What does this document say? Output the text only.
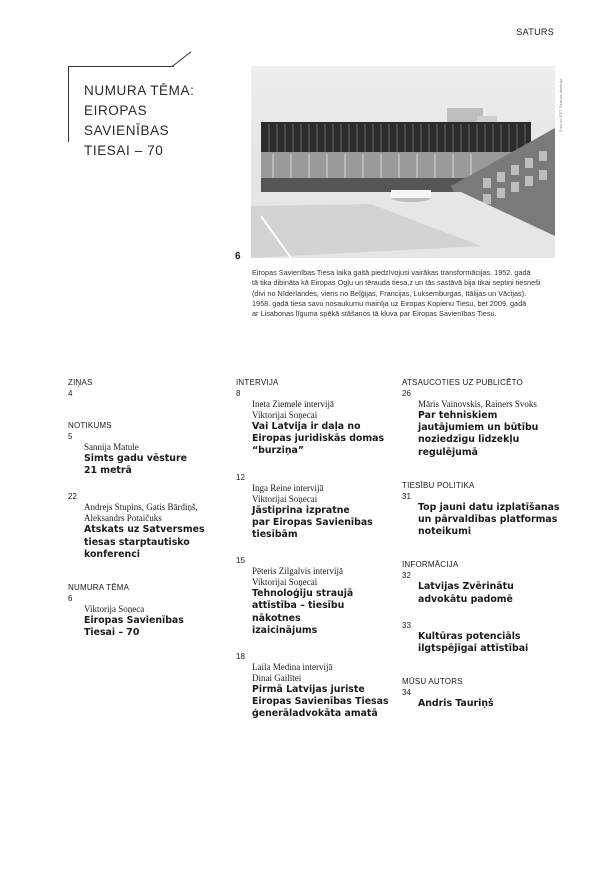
SATURS
NUMURA TĒMA:
EIROPAS SAVIENĪBAS
TIESAI – 70
Foto no EST Saziņas direkcija
6
Eiropas Savienības Tiesa laika gaitā piedzīvojusi vairākas transformācijas. 1952. gadā
tā tika dibināta kā Eiropas Ogļu un tērauda tiesa,z un tās sastāvā bija tikai septiņi tiesneši
(divi no Nīderlandes, viens no Beļģijas, Francijas, Luksemburgas, Itālijas un Vācijas).
1958. gadā tiesa savu nosaukumu mainīja uz Eiropas Kopienu Tiesu, bet 2009. gadā
ar Lisabonas līguma spēkā stāšanos tā kļuva par Eiropas Savienības Tiesu.
ZIŅAS
4
NOTIKUMS
5
Sannija Matule
Simts gadu vēsture
21 metrā
22
Andrejs Stupins, Gatis Bārdiņš,
Aleksandrs Potaičuks
Atskats uz Satversmes
tiesas starptautisko
konferenci
NUMURA TĒMA
6
Viktorija Soņeca
Eiropas Savienības
Tiesai – 70
INTERVIJA
8
Ineta Ziemele intervijā
Viktorijai Soņecai
Vai Latvija ir daļa no
Eiropas juridiskās domas
“burziņa”
12
Inga Reine intervijā
Viktorijai Soņecai
Jāstiprina izpratne
par Eiropas Savienības
tiesībām
15
Pēteris Zilgalvis intervijā
Viktorijai Soņecai
Tehnoloģiju straujā
attīstība – tiesību nākotnes
izaicinājums
18
Laila Medina intervijā
Dinai Gailītei
Pirmā Latvijas juriste
Eiropas Savienības Tiesas
ģenerāladvokāta amatā
ATSAUCOTIES UZ PUBLICĒTO
26
Māris Vainovskis, Rainers Svoks
Par tehniskiem
jautājumiem un būtību
noziedzīgu līdzekļu
regulējumā
TIESĪBU POLITIKA
31
Top jauni datu izplatīšanas
un pārvaldības platformas
noteikumi
INFORMĀCIJA
32
Latvijas Zvērinātu
advokātu padomē
33
Kultūras potenciāls
ilgtspējīgai attīstībai
MŪSU AUTORS
34
Andris Tauriņš
